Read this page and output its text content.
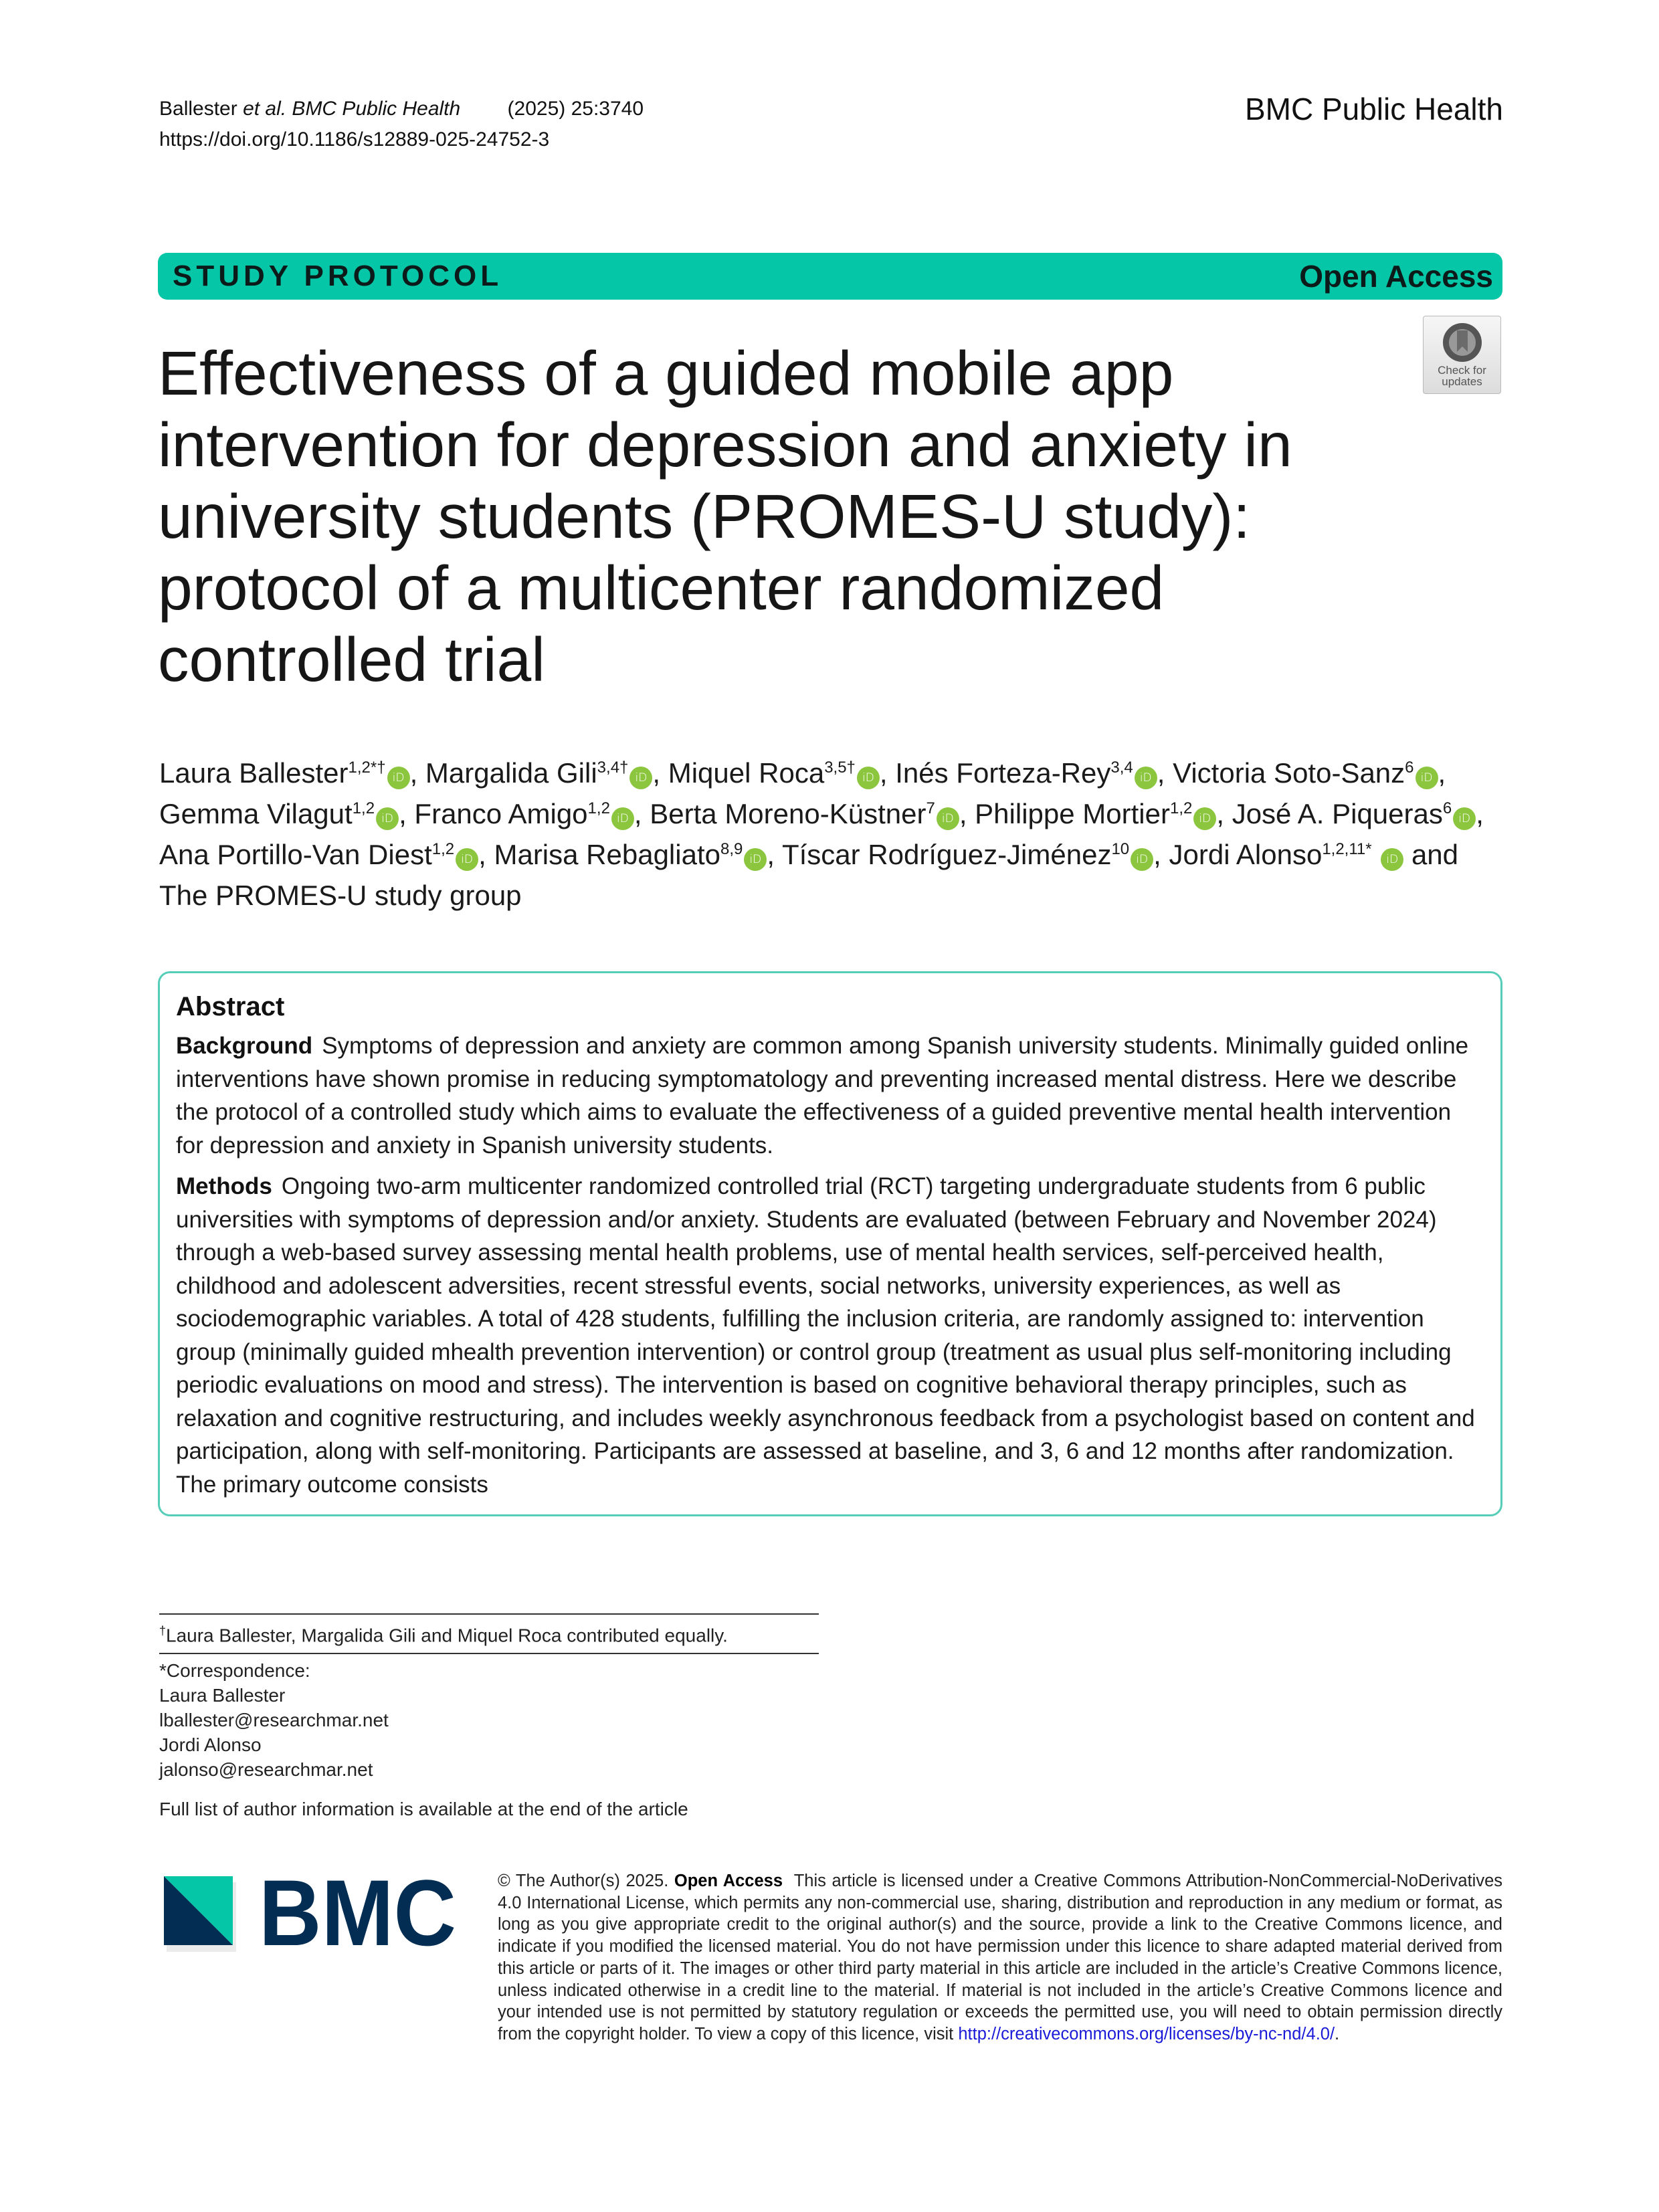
Ballester et al. BMC Public Health (2025) 25:3740
https://doi.org/10.1186/s12889-025-24752-3
BMC Public Health
STUDY PROTOCOL	Open Access
Check for
updates
Effectiveness of a guided mobile app intervention for depression and anxiety in university students (PROMES-U study): protocol of a multicenter randomized controlled trial
Laura Ballester$^{1,2*\dagger}$iD , Margalida Gili$^{3,4\dagger}$iD , Miquel Roca$^{3,5\dagger}$iD , Inés Forteza-Rey$^{3,4}$iD , Victoria Soto-Sanz$^6$iD ,
Gemma Vilagut$^{1,2}$iD , Franco Amigo$^{1,2}$iD , Berta Moreno-Küstner$^7$iD , Philippe Mortier$^{1,2}$iD , José A. Piqueras$^6$iD ,
Ana Portillo-Van Diest$^{1,2}$iD , Marisa Rebagliato$^{8,9}$iD , Tíscar Rodríguez-Jiménez$^{10}$iD , Jordi Alonso$^{1,2,11*}$ iD and
The PROMES-U study group
Abstract

Background Symptoms of depression and anxiety are common among Spanish university students. Minimally guided online interventions have shown promise in reducing symptomatology and preventing increased mental distress. Here we describe the protocol of a controlled study which aims to evaluate the effectiveness of a guided preventive mental health intervention for depression and anxiety in Spanish university students.

Methods Ongoing two-arm multicenter randomized controlled trial (RCT) targeting undergraduate students from 6 public universities with symptoms of depression and/or anxiety. Students are evaluated (between February and November 2024) through a web-based survey assessing mental health problems, use of mental health services, self-perceived health, childhood and adolescent adversities, recent stressful events, social networks, university experiences, as well as sociodemographic variables. A total of 428 students, fulfilling the inclusion criteria, are randomly assigned to: intervention group (minimally guided mhealth prevention intervention) or control group (treatment as usual plus self-monitoring including periodic evaluations on mood and stress). The intervention is based on cognitive behavioral therapy principles, such as relaxation and cognitive restructuring, and includes weekly asynchronous feedback from a psychologist based on content and participation, along with self-monitoring. Participants are assessed at baseline, and 3, 6 and 12 months after randomization. The primary outcome consists

†Laura Ballester, Margalida Gili and Miquel Roca contributed equally.
*Correspondence:
Laura Ballester
lballester@researchmar.net
Jordi Alonso
jalonso@researchmar.net
Full list of author information is available at the end of the article
BMC © The Author(s) 2025. Open Access This article is licensed under a Creative Commons Attribution-NonCommercial-NoDerivatives 4.0 International License, which permits any non-commercial use, sharing, distribution and reproduction in any medium or format, as long as you give appropriate credit to the original author(s) and the source, provide a link to the Creative Commons licence, and indicate if you modified the licensed material. You do not have permission under this licence to share adapted material derived from this article or parts of it. The images or other third party material in this article are included in the article’s Creative Commons licence, unless indicated otherwise in a credit line to the material. If material is not included in the article’s Creative Commons licence and your intended use is not permitted by statutory regulation or exceeds the permitted use, you will need to obtain permission directly from the copyright holder. To view a copy of this licence, visit http://creativecommons.org/licenses/by-nc-nd/4.0/.
